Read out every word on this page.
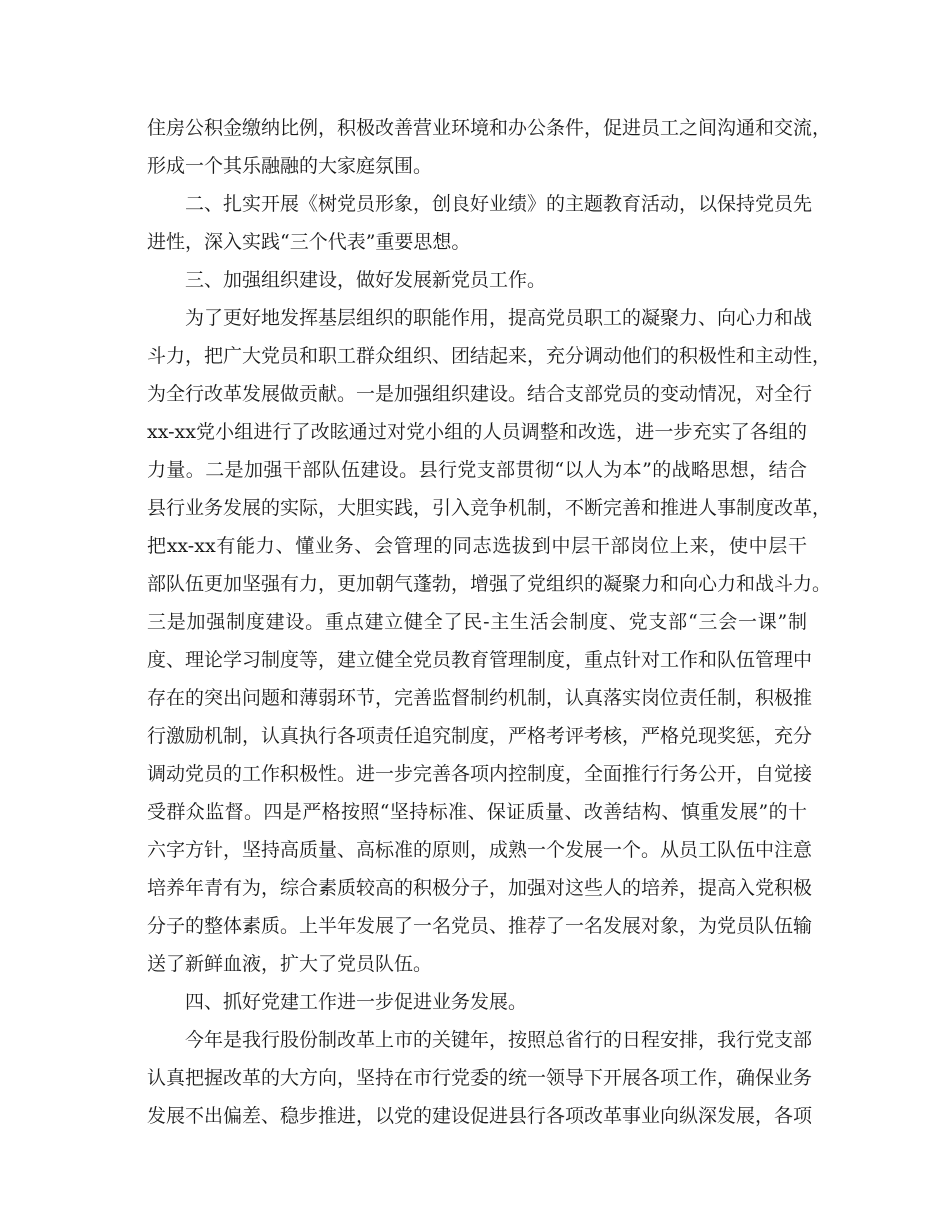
住房公积金缴纳比例，积极改善营业环境和办公条件，促进员工之间沟通和交流，
形成一个其乐融融的大家庭氛围。
二、扎实开展《树党员形象，创良好业绩》的主题教育活动，以保持党员先
进性，深入实践“三个代表”重要思想。
三、加强组织建设，做好发展新党员工作。
为了更好地发挥基层组织的职能作用，提高党员职工的凝聚力、向心力和战
斗力，把广大党员和职工群众组织、团结起来，充分调动他们的积极性和主动性，
为全行改革发展做贡献。一是加强组织建设。结合支部党员的变动情况，对全行
xx-xx党小组进行了改眩通过对党小组的人员调整和改选，进一步充实了各组的
力量。二是加强干部队伍建设。县行党支部贯彻“以人为本”的战略思想，结合
县行业务发展的实际，大胆实践，引入竞争机制，不断完善和推进人事制度改革，
把xx-xx有能力、懂业务、会管理的同志选拔到中层干部岗位上来，使中层干
部队伍更加坚强有力，更加朝气蓬勃，增强了党组织的凝聚力和向心力和战斗力。
三是加强制度建设。重点建立健全了民-主生活会制度、党支部“三会一课”制
度、理论学习制度等，建立健全党员教育管理制度，重点针对工作和队伍管理中
存在的突出问题和薄弱环节，完善监督制约机制，认真落实岗位责任制，积极推
行激励机制，认真执行各项责任追究制度，严格考评考核，严格兑现奖惩，充分
调动党员的工作积极性。进一步完善各项内控制度，全面推行行务公开，自觉接
受群众监督。四是严格按照“坚持标准、保证质量、改善结构、慎重发展”的十
六字方针，坚持高质量、高标准的原则，成熟一个发展一个。从员工队伍中注意
培养年青有为，综合素质较高的积极分子，加强对这些人的培养，提高入党积极
分子的整体素质。上半年发展了一名党员、推荐了一名发展对象，为党员队伍输
送了新鲜血液，扩大了党员队伍。
四、抓好党建工作进一步促进业务发展。
今年是我行股份制改革上市的关键年，按照总省行的日程安排，我行党支部
认真把握改革的大方向，坚持在市行党委的统一领导下开展各项工作，确保业务
发展不出偏差、稳步推进，以党的建设促进县行各项改革事业向纵深发展，各项
